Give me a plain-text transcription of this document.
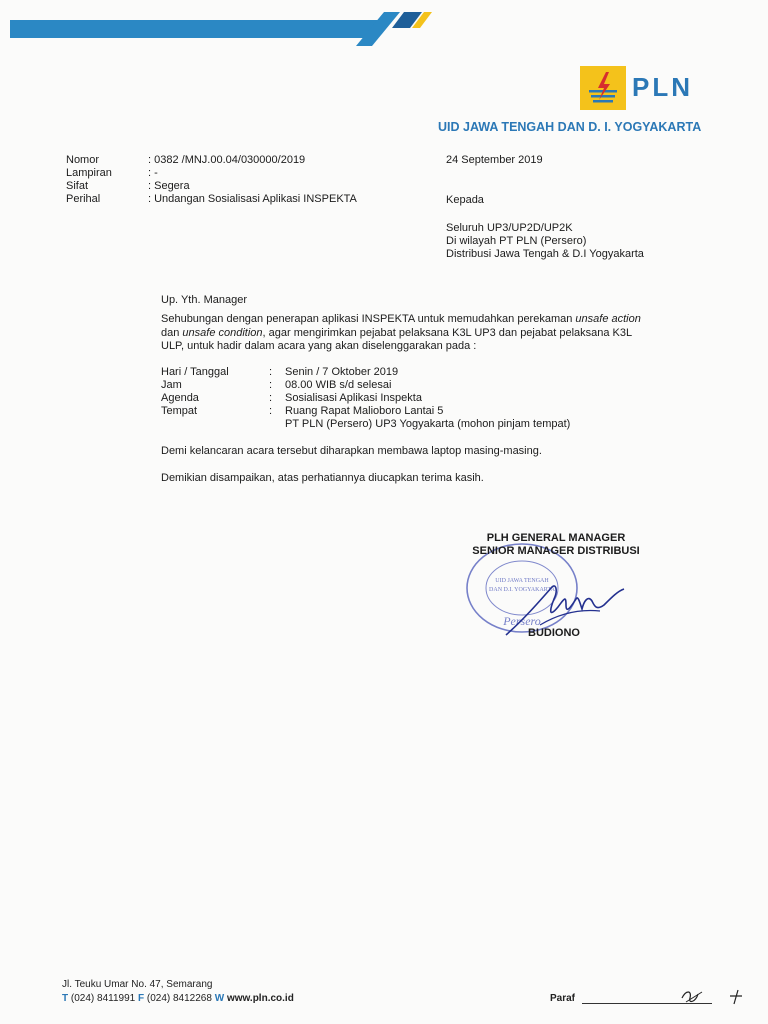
PLN
UID JAWA TENGAH DAN D. I. YOGYAKARTA
Nomor	: 0382 /MNJ.00.04/030000/2019
Lampiran	: -
Sifat	: Segera
Perihal	: Undangan Sosialisasi Aplikasi INSPEKTA
24 September 2019
Kepada
Seluruh UP3/UP2D/UP2K
Di wilayah PT PLN (Persero)
Distribusi Jawa Tengah & D.I Yogyakarta
Up. Yth. Manager
Sehubungan dengan penerapan aplikasi INSPEKTA untuk memudahkan perekaman unsafe action
dan unsafe condition, agar mengirimkan pejabat pelaksana K3L UP3 dan pejabat pelaksana K3L
ULP, untuk hadir dalam acara yang akan diselenggarakan pada :
Hari / Tanggal	: Senin / 7 Oktober 2019
Jam	: 08.00 WIB s/d selesai
Agenda	: Sosialisasi Aplikasi Inspekta
Tempat	: Ruang Rapat Malioboro Lantai 5
PT PLN (Persero) UP3 Yogyakarta (mohon pinjam tempat)
Demi kelancaran acara tersebut diharapkan membawa laptop masing-masing.
Demikian disampaikan, atas perhatiannya diucapkan terima kasih.
UID JAWA TENGAH
DAN D.I. YOGYAKARTA
Persero
PLH GENERAL MANAGER
SENIOR MANAGER DISTRIBUSI
BUDIONO
Jl. Teuku Umar No. 47, Semarang
T (024) 8411991 F (024) 8412268 W www.pln.co.id	Paraf
